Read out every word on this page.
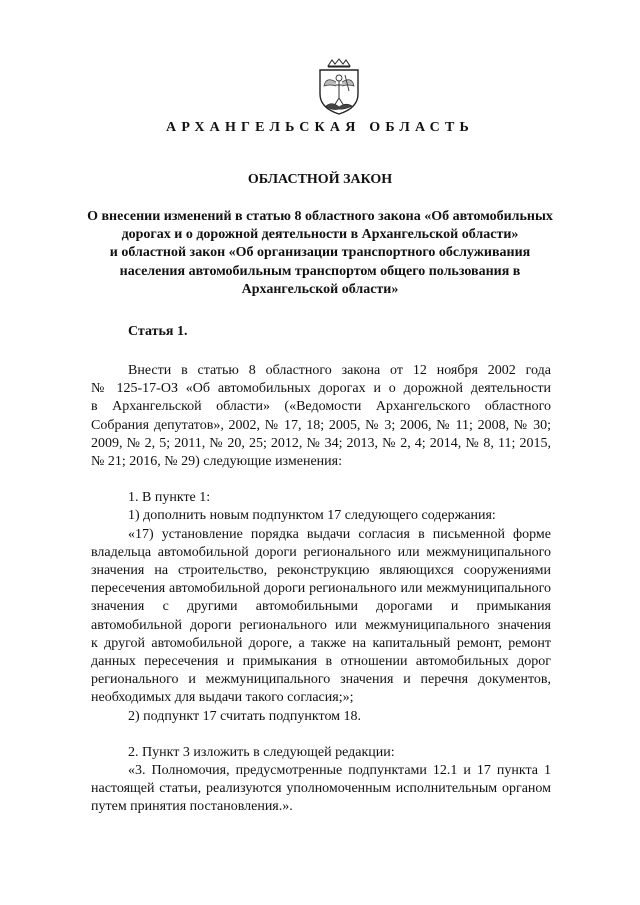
АРХАНГЕЛЬСКАЯ ОБЛАСТЬ

ОБЛАСТНОЙ ЗАКОН

О внесении изменений в статью 8 областного закона «Об автомобильных
дорогах и о дорожной деятельности в Архангельской области»
и областной закон «Об организации транспортного обслуживания
населения автомобильным транспортом общего пользования в
Архангельской области»

Статья 1.

Внести в статью 8 областного закона от 12 ноября 2002 года
№ 125-17-ОЗ «Об автомобильных дорогах и о дорожной деятельности
в Архангельской области» («Ведомости Архангельского областного
Собрания депутатов», 2002, № 17, 18; 2005, № 3; 2006, № 11; 2008, № 30;
2009, № 2, 5; 2011, № 20, 25; 2012, № 34; 2013, № 2, 4; 2014, № 8, 11; 2015,
№ 21; 2016, № 29) следующие изменения:
1. В пункте 1:
1) дополнить новым подпунктом 17 следующего содержания:
«17) установление порядка выдачи согласия в письменной форме
владельца автомобильной дороги регионального или межмуниципального
значения на строительство, реконструкцию являющихся сооружениями
пересечения автомобильной дороги регионального или межмуниципального
значения с другими автомобильными дорогами и примыкания
автомобильной дороги регионального или межмуниципального значения
к другой автомобильной дороге, а также на капитальный ремонт, ремонт
данных пересечения и примыкания в отношении автомобильных дорог
регионального и межмуниципального значения и перечня документов,
необходимых для выдачи такого согласия;»;
2) подпункт 17 считать подпунктом 18.
2. Пункт 3 изложить в следующей редакции:
«3. Полномочия, предусмотренные подпунктами 12.1 и 17 пункта 1
настоящей статьи, реализуются уполномоченным исполнительным органом
путем принятия постановления.».
